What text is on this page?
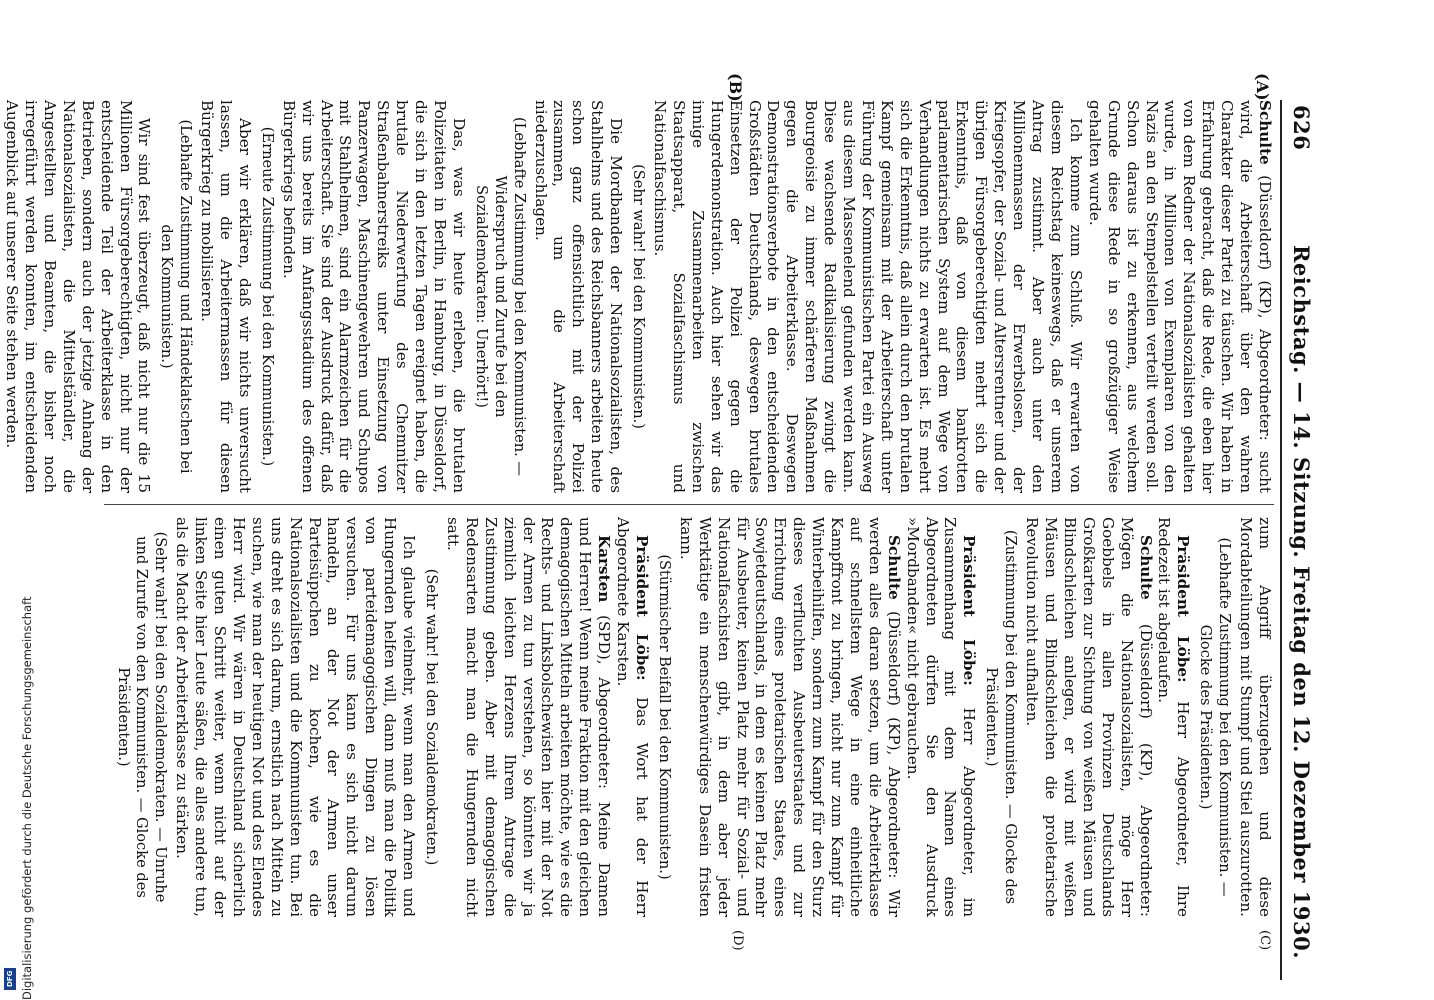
626
Reichstag. — 14. Sitzung. Freitag den 12. Dezember 1930.
(A)
(B)
(C)
(D)

Schulte (Düsseldorf) (KP), Abgeordneter: sucht wird, die Arbeiterschaft über den wahren Charakter dieser Partei zu täuschen. Wir haben in Erfahrung gebracht, daß die Rede, die eben hier von dem Redner der Nationalsozialisten gehalten wurde, in Millionen von Exemplaren von den Nazis an den Stempelstellen verteilt werden soll. Schon daraus ist zu erkennen, aus welchem Grunde diese Rede in so großzügiger Weise gehalten wurde.

Ich komme zum Schluß. Wir erwarten von diesem Reichstag keineswegs, daß er unserem Antrag zustimmt. Aber auch unter den Millionenmassen der Erwerbslosen, der Kriegsopfer, der Sozial- und Altersrentner und der übrigen Fürsorgeberechtigten mehrt sich die Erkenntnis, daß von diesem bankrotten parlamentarischen System auf dem Wege von Verhandlungen nichts zu erwarten ist. Es mehrt sich die Erkenntnis, daß allein durch den brutalen Kampf gemeinsam mit der Arbeiterschaft unter Führung der Kommunistischen Partei ein Ausweg aus diesem Massenelend gefunden werden kann. Diese wachsende Radikalisierung zwingt die Bourgeoisie zu immer schärferen Maßnahmen gegen die Arbeiterklasse. Deswegen Demonstrationsverbote in den entscheidenden Großstädten Deutschlands, deswegen brutales Einsetzen der Polizei gegen die Hungerdemonstration. Auch hier sehen wir das innige Zusammenarbeiten zwischen Staatsapparat, Sozialfaschismus und Nationalfaschismus.

(Sehr wahr! bei den Kommunisten.)

Die Mordbanden der Nationalsozialisten, des Stahlhelms und des Reichsbanners arbeiten heute schon ganz offensichtlich mit der Polizei zusammen, um die Arbeiterschaft niederzuschlagen.

(Lebhafte Zustimmung bei den Kommunisten. — Widerspruch und Zurufe bei den Sozialdemokraten: Unerhört!)

Das, was wir heute erleben, die brutalen Polizeitaten in Berlin, in Hamburg, in Düsseldorf, die sich in den letzten Tagen ereignet haben, die brutale Niederwerfung des Chemnitzer Straßenbahnerstreiks unter Einsetzung von Panzerwagen, Maschinengewehren und Schupos mit Stahlhelmen, sind ein Alarmzeichen für die Arbeiterschaft. Sie sind der Ausdruck dafür, daß wir uns bereits im Anfangsstadium des offenen Bürgerkriegs befinden.

(Erneute Zustimmung bei den Kommunisten.)

Aber wir erklären, daß wir nichts unversucht lassen, um die Arbeitermassen für diesen Bürgerkrieg zu mobilisieren.

(Lebhafte Zustimmung und Händeklatschen bei den Kommunisten.)

Wir sind fest überzeugt, daß nicht nur die 15 Millionen Fürsorgeberechtigten, nicht nur der entscheidende Teil der Arbeiterklasse in den Betrieben, sondern auch der jetzige Anhang der Nationalsozialisten, die Mittelständler, die Angestellten und Beamten, die bisher noch irregeführt werden konnten, im entscheidenden Augenblick auf unserer Seite stehen werden.

zum Angriff überzugehen und diese Mordabteilungen mit Stumpf und Stiel auszurotten.

(Lebhafte Zustimmung bei den Kommunisten. — Glocke des Präsidenten.)

Präsident Löbe: Herr Abgeordneter, Ihre Redezeit ist abgelaufen.

Schulte (Düsseldorf) (KP), Abgeordneter: Mögen die Nationalsozialisten, möge Herr Goebbels in allen Provinzen Deutschlands Großkarten zur Sichtung von weißen Mäusen und Blindschleichen anlegen, er wird mit weißen Mäusen und Blindschleichen die proletarische Revolution nicht aufhalten.

(Zustimmung bei den Kommunisten. — Glocke des Präsidenten.)

Präsident Löbe: Herr Abgeordneter, im Zusammenhang mit dem Namen eines Abgeordneten dürfen Sie den Ausdruck »Mordbanden« nicht gebrauchen.

Schulte (Düsseldorf) (KP), Abgeordneter: Wir werden alles daran setzen, um die Arbeiterklasse auf schnellstem Wege in eine einheitliche Kampffront zu bringen, nicht nur zum Kampf für Winterbeihilfen, sondern zum Kampf für den Sturz dieses verfluchten Ausbeuterstaates und zur Errichtung eines proletarischen Staates, eines Sowjetdeutschlands, in dem es keinen Platz mehr für Ausbeuter, keinen Platz mehr für Sozial- und Nationalfaschisten gibt, in dem aber jeder Werktätige ein menschenwürdiges Dasein fristen kann.

(Stürmischer Beifall bei den Kommunisten.)

Präsident Löbe: Das Wort hat der Herr Abgeordnete Karsten.

Karsten (SPD), Abgeordneter: Meine Damen und Herren! Wenn meine Fraktion mit den gleichen demagogischen Mitteln arbeiten möchte, wie es die Rechts- und Linksbolschewisten hier mit der Not der Armen zu tun verstehen, so könnten wir ja ziemlich leichten Herzens Ihrem Antrage die Zustimmung geben. Aber mit demagogischen Redensarten macht man die Hungernden nicht satt.

(Sehr wahr! bei den Sozialdemokraten.)

Ich glaube vielmehr, wenn man den Armen und Hungernden helfen will, dann muß man die Politik von parteidemagogischen Dingen zu lösen versuchen. Für uns kann es sich nicht darum handeln, an der Not der Armen unser Parteisüppchen zu kochen, wie es die Nationalsozialisten und die Kommunisten tun. Bei uns dreht es sich darum, ernstlich nach Mitteln zu suchen, wie man der heutigen Not und des Elendes Herr wird. Wir wären in Deutschland sicherlich einen guten Schritt weiter, wenn nicht auf der linken Seite hier Leute säßen, die alles andere tun, als die Macht der Arbeiterklasse zu stärken.

(Sehr wahr! bei den Sozialdemokraten. — Unruhe und Zurufe von den Kommunisten. — Glocke des Präsidenten.)

Digitalisierung gefördert durch die Deutsche Forschungsgemeinschaft
DFG
